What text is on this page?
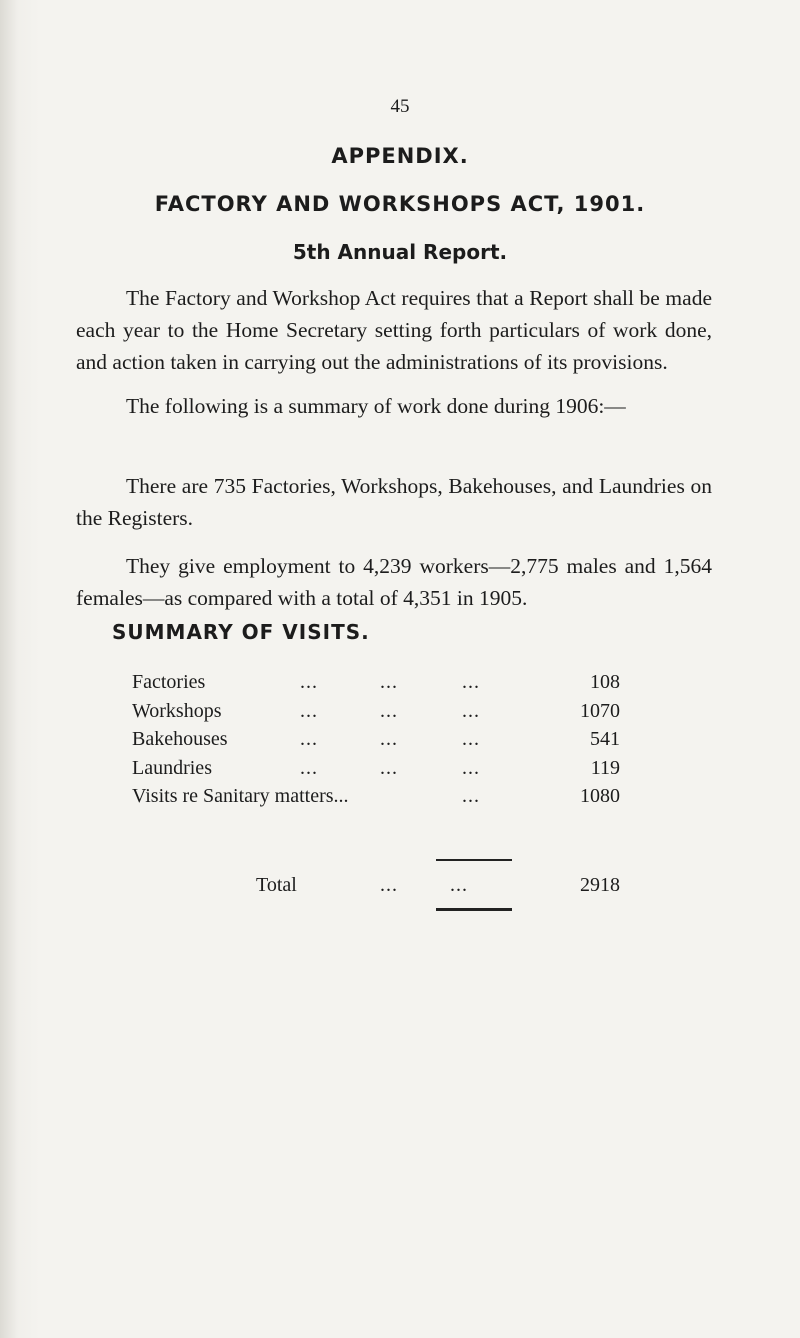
45
APPENDIX.
FACTORY AND WORKSHOPS ACT, 1901.
5th Annual Report.
The Factory and Workshop Act requires that a Report shall be made each year to the Home Secretary setting forth particulars of work done, and action taken in carrying out the administrations of its provisions.
The following is a summary of work done during 1906:—
There are 735 Factories, Workshops, Bakehouses, and Laundries on the Registers.
They give employment to 4,239 workers—2,775 males and 1,564 females—as compared with a total of 4,351 in 1905.
SUMMARY OF VISITS.
Factories	...	...	...	108
Workshops	...	...	...	1070
Bakehouses	...	...	...	541
Laundries	...	...	...	119
Visits re Sanitary matters...	...	1080
Total	...	...	2918
